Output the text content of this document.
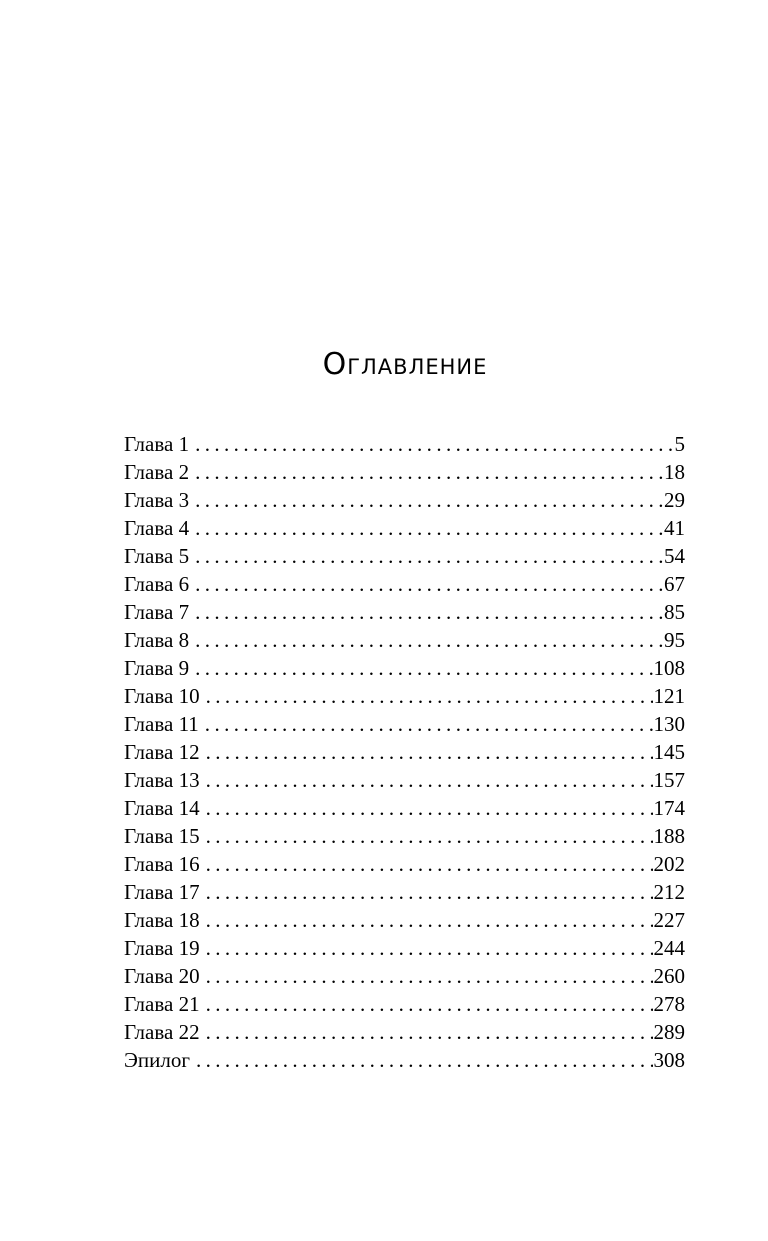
Оглавление
Глава 1 .....	5
Глава 2 .....	18
Глава 3 .....	29
Глава 4 .....	41
Глава 5 .....	54
Глава 6 .....	67
Глава 7 .....	85
Глава 8 .....	95
Глава 9 .....	108
Глава 10 .....	121
Глава 11 .....	130
Глава 12 .....	145
Глава 13 .....	157
Глава 14 .....	174
Глава 15 .....	188
Глава 16 .....	202
Глава 17 .....	212
Глава 18 .....	227
Глава 19 .....	244
Глава 20 .....	260
Глава 21 .....	278
Глава 22 .....	289
Эпилог .....	308
